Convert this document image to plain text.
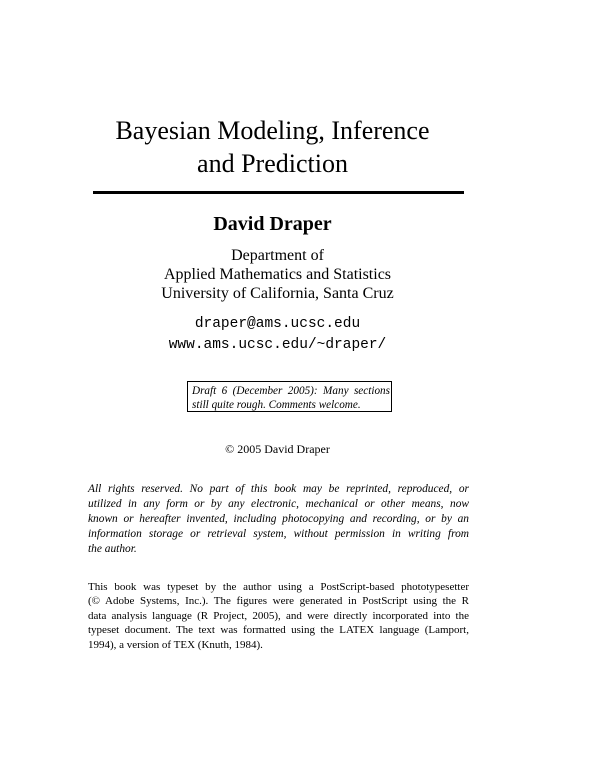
Bayesian Modeling, Inference
and Prediction
David Draper
Department of
Applied Mathematics and Statistics
University of California, Santa Cruz
draper@ams.ucsc.edu
www.ams.ucsc.edu/~draper/
Draft 6 (December 2005): Many sections
still quite rough. Comments welcome.
© 2005 David Draper
All rights reserved. No part of this book may be reprinted, reproduced, or
utilized in any form or by any electronic, mechanical or other means, now
known or hereafter invented, including photocopying and recording, or by an
information storage or retrieval system, without permission in writing from
the author.
This book was typeset by the author using a PostScript-based phototypesetter
(© Adobe Systems, Inc.). The figures were generated in PostScript using the R
data analysis language (R Project, 2005), and were directly incorporated into the
typeset document. The text was formatted using the LATEX language (Lamport,
1994), a version of TEX (Knuth, 1984).
